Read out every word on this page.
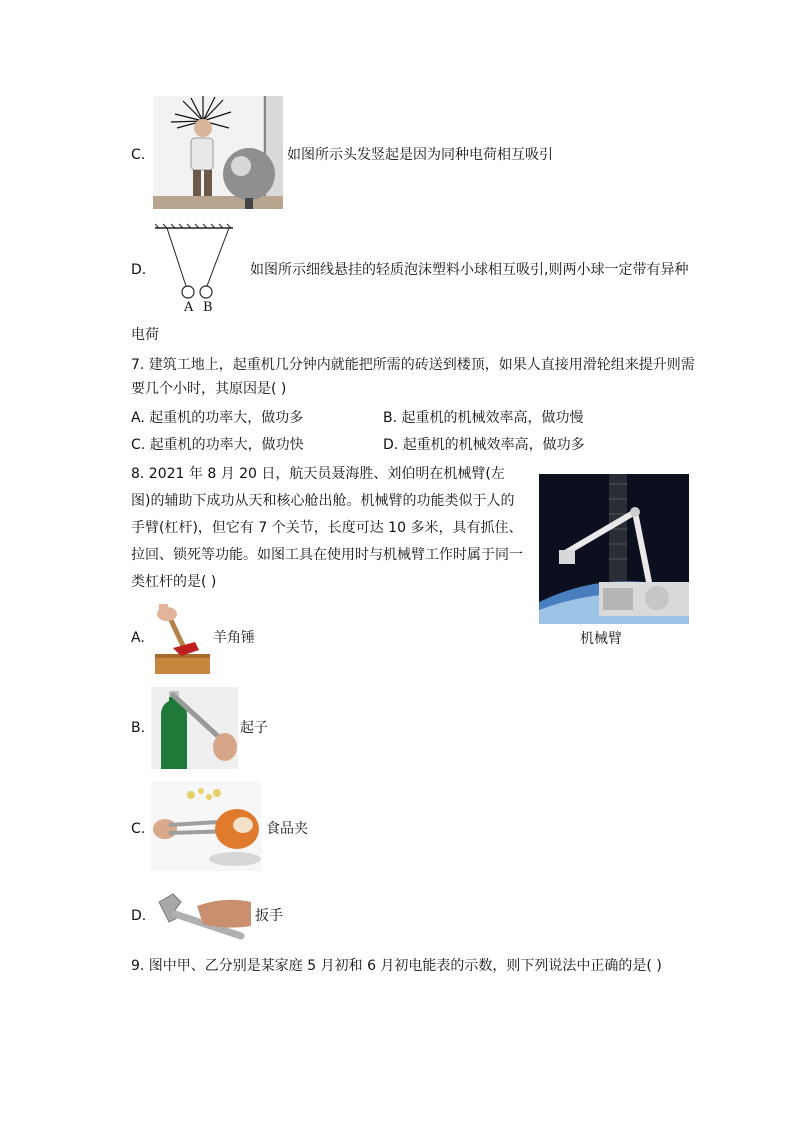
C.	如图所示头发竖起是因为同种电荷相互吸引
D.
A B
如图所示细线悬挂的轻质泡沫塑料小球相互吸引,则两小球一定带有异种
电荷
7. 建筑工地上，起重机几分钟内就能把所需的砖送到楼顶，如果人直接用滑轮组来提升则需要几个小时，其原因是( )
A. 起重机的功率大，做功多	B. 起重机的机械效率高，做功慢
C. 起重机的功率大，做功快	D. 起重机的机械效率高，做功多
8. 2021 年 8 月 20 日，航天员聂海胜、刘伯明在机械臂(左图)的辅助下成功从天和核心舱出舱。机械臂的功能类似于人的手臂(杠杆)，但它有 7 个关节，长度可达 10 多米，具有抓住、拉回、锁死等功能。如图工具在使用时与机械臂工作时属于同一类杠杆的是( )
机械臂
A.	羊角锤
B.	起子
C.	食品夹
D.	扳手
9. 图中甲、乙分别是某家庭 5 月初和 6 月初电能表的示数，则下列说法中正确的是( )
